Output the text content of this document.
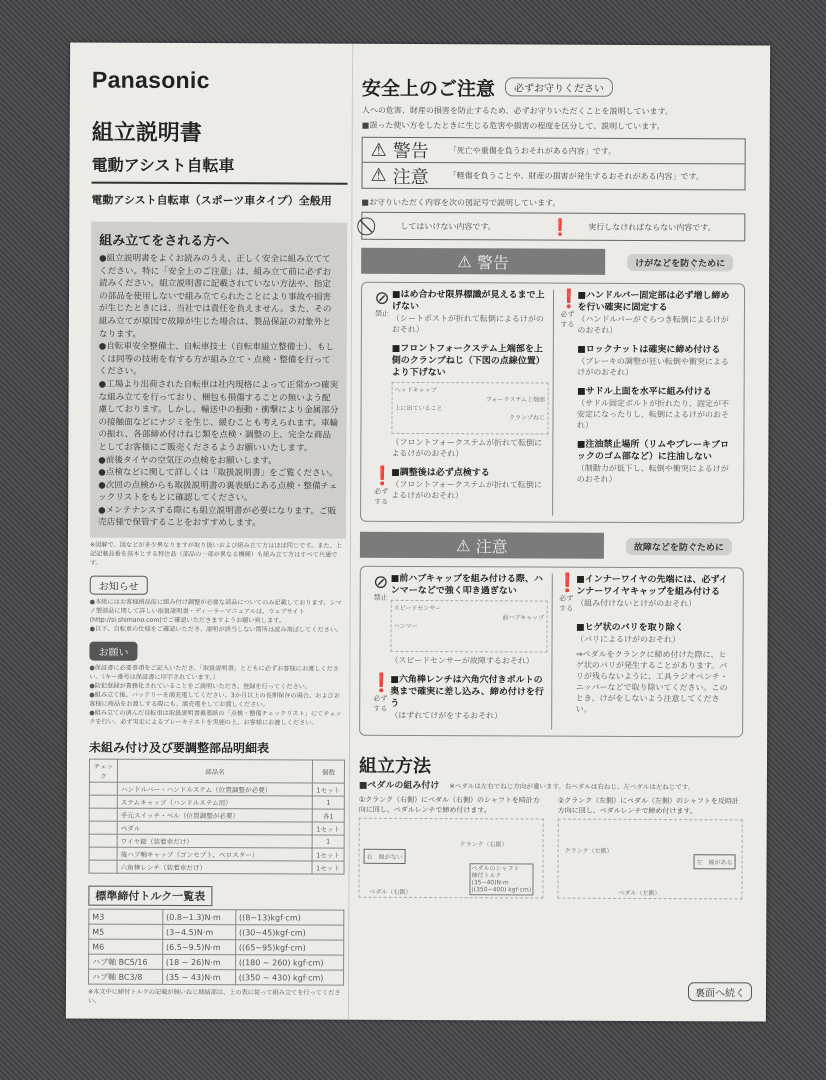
Panasonic
組立説明書
電動アシスト自転車
電動アシスト自転車（スポーツ車タイプ）全般用
組み立てをされる方へ
●組立説明書をよくお読みのうえ、正しく安全に組み立ててください。特に「安全上のご注意」は、組み立て前に必ずお読みください。組立説明書に記載されていない方法や、指定の部品を使用しないで組み立てられたことにより事故や損害が生じたときには、当社では責任を負えません。また、その組み立てが原因で故障が生じた場合は、製品保証の対象外となります。
●自転車安全整備士、自転車技士（自転車組立整備士）、もしくは同等の技術を有する方が組み立て・点検・整備を行ってください。
●工場より出荷された自転車は社内規格によって正常かつ確実な組み立てを行っており、梱包も損傷することの無いよう配慮しております。しかし、輸送中の振動・衝撃により金属部分の接触面などにナジミを生じ、緩むことも考えられます。車輪の振れ、各部締め付けねじ類を点検・調整の上、完全な商品としてお客様にご販売くださるようお願いいたします。
●前後タイヤの空気圧の点検をお願いします。
●点検などに関して詳しくは「取扱説明書」をご覧ください。
●次回の点検からも取扱説明書の裏表紙にある点検・整備チェックリストをもとに確認してください。
●メンテナンスする際にも組立説明書が必要になります。ご販売店様で保管することをおすすめします。
※図解で、図などが多少異なりますが取り扱いおよび組み立て方はほぼ同じです。また、上記記載品番を基本とする特注品（部品の一部が異なる機種）も組み立て方はすべて共通です。
お知らせ
●本紙にはお客様納品前に組み付け調整が必要な部品についてのみ記載しております。シマノ製部品に関して詳しい取扱説明書・ディーラーマニュアルは、ウェブサイト(http://si.shimano.com)でご確認いただきますようお願い致します。
●以下、自転車の仕様をご確認いただき、説明が該当しない箇所は読み飛ばしてください。
お願い
●保証書に必要事項をご記入いただき、「取扱説明書」とともに必ずお客様にお渡しください。（キー番号は保証書に印字されています。）
●防犯登録が貴務化されていることをご説明いただき、登録を行ってください。
●組み立て後、バッテリーを満充電してください。3か月以上の長期保存の場合、およびお客様に商品をお渡しする際にも、満充電をしてお渡しください。
●組み立ての済んだ自転車は取扱説明書裏表紙の「点検・整備チェックリスト」にてチェックを行い、必ず実走によるブレーキテストを実施の上、お客様にお渡しください。
未組み付け及び要調整部品明細表
チェック	部品名	個数
	ハンドルバー・ハンドルステム（位置調整が必要）	1セット
	ステムキャップ（ハンドルステム用）	1
	手元スイッチ・ベル（位置調整が必要）	各1
	ペダル	1セット
	ワイヤ錠（装着車だけ）	1
	後ハブ軸キャップ（ゴンセプト、ベロスター）	1セット
	六角棒レンチ（装着車だけ）	1セット
標準締付トルク一覧表
M3	(0.8~1.3)N·m	((8~13)kgf·cm)
M5	(3~4.5)N·m	((30~45)kgf·cm)
M6	(6.5~9.5)N·m	((65~95)kgf·cm)
ハブ軸 BC5/16	(18 ~ 26)N·m	((180 ~ 260) kgf·cm)
ハブ軸 BC3/8	(35 ~ 43)N·m	((350 ~ 430) kgf·cm)
※本文中に締付トルクの記載が無いねじ締結部は、上の表に従って組み立てを行ってください。
安全上のご注意 必ずお守りください
人への危害、財産の損害を防止するため、必ずお守りいただくことを説明しています。
■誤った使い方をしたときに生じる危害や損害の程度を区分して、説明しています。
⚠ 警告	「死亡や重傷を負うおそれがある内容」です。
⚠ 注意	「軽傷を負うことや、財産の損害が発生するおそれがある内容」です。
■お守りいただく内容を次の図記号で説明しています。
⃠	してはいけない内容です。	❗ 実行しなければならない内容です。
⚠ 警告	けがなどを防ぐために
⊘
禁止
■はめ合わせ限界標識が見えるまで上げない
（シートポストが折れて転倒によるけがのおそれ）
■フロントフォークステム上端部を上側のクランプねじ（下図の点線位置）より下げない
ヘッドキャップ
フォークステム上端部
上に出ていること
クランプねじ
（フロントフォークステムが折れて転倒によるけがのおそれ）
❗
必ずする
■調整後は必ず点検する
（フロントフォークステムが折れて転倒によるけがのおそれ）
❗
必ずする
■ハンドルバー固定部は必ず増し締めを行い確実に固定する
（ハンドルバーがぐらつき転倒によるけがのおそれ）
■ロックナットは確実に締め付ける
（ブレーキの調整が狂い転倒や衝突によるけがのおそれ）
■サドル上面を水平に組み付ける
（サドル固定ボルトが折れたり、固定が不安定になったりし、転倒によるけがのおそれ）
■注油禁止場所（リムやブレーキブロックのゴム部など）に注油しない
（制動力が低下し、転倒や衝突によるけがのおそれ）
⚠ 注意	故障などを防ぐために
⊘
禁止
■前ハブキャップを組み付ける際、ハンマーなどで強く叩き過ぎない
スピードセンサー
前ハブキャップ
ハンマー
（スピードセンサーが故障するおそれ）
❗
必ずする
■六角棒レンチは六角穴付きボルトの奥まで確実に差し込み、締め付けを行う
（はずれてけがをするおそれ）
❗
必ずする
■インナーワイヤの先端には、必ずインナーワイヤキャップを組み付ける
（組み付けないとけがのおそれ）
■ヒゲ状のバリを取り除く
（バリによるけがのおそれ）
⇒ペダルをクランクに締め付けた際に、ヒゲ状のバリが発生することがあります。バリが残らないように、工具ラジオペンチ・ニッパーなどで取り除いてください。このとき、けがをしないよう注意してください。
組立方法
■ペダルの組み付け ※ペダルは左右でねじ方向が違います。右ペダルは右ねじ、左ペダルは左ねじです。
①クランク（右側）にペダル（右側）のシャフトを時計方向に回し、ペダルレンチで締め付けます。
右　線がない
クランク（右側）
ペダル（右側）
ペダルのシャフト
締付トルク
(35~40)N·m
((350~400) kgf·cm)
②クランク（左側）にペダル（左側）のシャフトを反時計方向に回し、ペダルレンチで締め付けます。
左　線がある
クランク（左側）
ペダル（左側）
裏面へ続く
